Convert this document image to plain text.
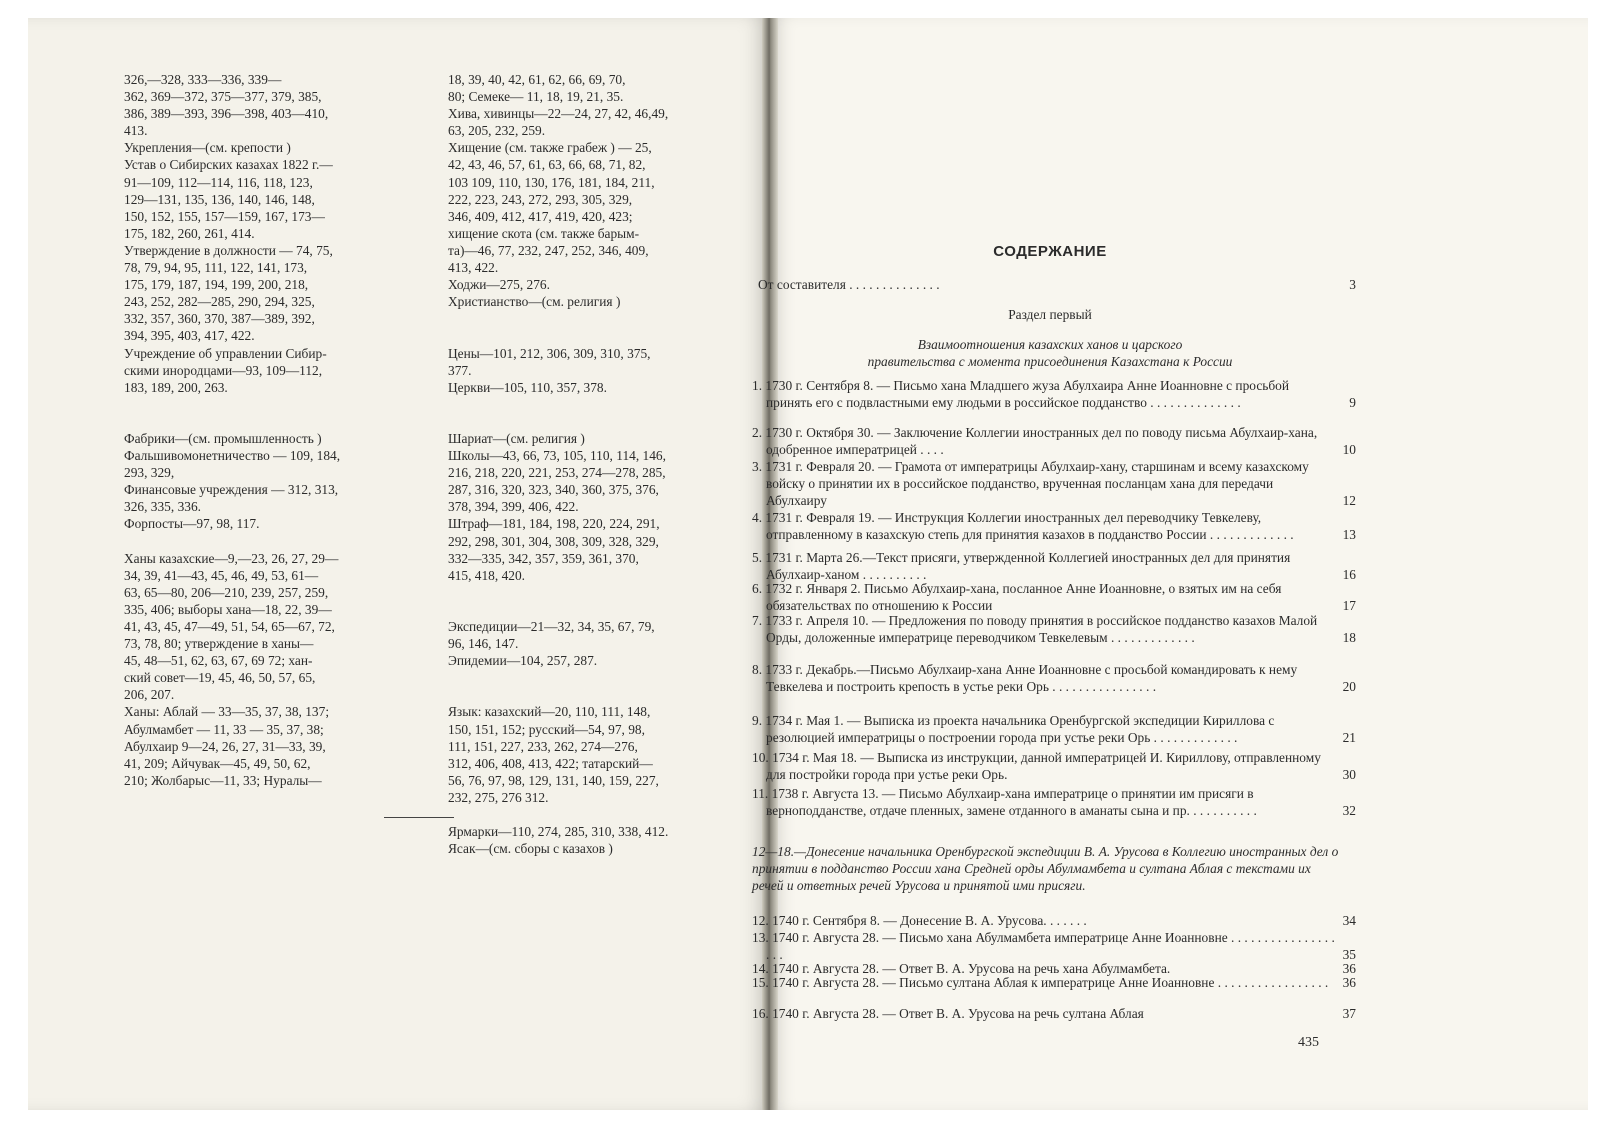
326,—328, 333—336, 339—

362, 369—372, 375—377, 379, 385,

386, 389—393, 396—398, 403—410,

413.

Укрепления—(см. крепости )

Устав о Сибирских казахах 1822 г.—

91—109, 112—114, 116, 118, 123,

129—131, 135, 136, 140, 146, 148,

150, 152, 155, 157—159, 167, 173—

175, 182, 260, 261, 414.

Утверждение в должности — 74, 75,

78, 79, 94, 95, 111, 122, 141, 173,

175, 179, 187, 194, 199, 200, 218,

243, 252, 282—285, 290, 294, 325,

332, 357, 360, 370, 387—389, 392,

394, 395, 403, 417, 422.

Учреждение об управлении Сибир-

скими инородцами—93, 109—112,

183, 189, 200, 263.

Фабрики—(см. промышленность )

Фальшивомонетничество — 109, 184,

293, 329,

Финансовые учреждения — 312, 313,

326, 335, 336.

Форпосты—97, 98, 117.

Ханы казахские—9,—23, 26, 27, 29—

34, 39, 41—43, 45, 46, 49, 53, 61—

63, 65—80, 206—210, 239, 257, 259,

335, 406; выборы хана—18, 22, 39—

41, 43, 45, 47—49, 51, 54, 65—67, 72,

73, 78, 80; утверждение в ханы—

45, 48—51, 62, 63, 67, 69 72; хан-

ский совет—19, 45, 46, 50, 57, 65,

206, 207.

Ханы: Аблай — 33—35, 37, 38, 137;

Абулмамбет — 11, 33 — 35, 37, 38;

Абулхаир 9—24, 26, 27, 31—33, 39,

41, 209; Айчувак—45, 49, 50, 62,

210; Жолбарыс—11, 33; Нуралы—

18, 39, 40, 42, 61, 62, 66, 69, 70,

80; Семеке— 11, 18, 19, 21, 35.

Хива, хивинцы—22—24, 27, 42, 46,49,

63, 205, 232, 259.

Хищение (см. также грабеж ) — 25,

42, 43, 46, 57, 61, 63, 66, 68, 71, 82,

103 109, 110, 130, 176, 181, 184, 211,

222, 223, 243, 272, 293, 305, 329,

346, 409, 412, 417, 419, 420, 423;

хищение скота (см. также барым-

та)—46, 77, 232, 247, 252, 346, 409,

413, 422.

Ходжи—275, 276.

Христианство—(см. религия )

Цены—101, 212, 306, 309, 310, 375,

377.

Церкви—105, 110, 357, 378.

Шариат—(см. религия )

Школы—43, 66, 73, 105, 110, 114, 146,

216, 218, 220, 221, 253, 274—278, 285,

287, 316, 320, 323, 340, 360, 375, 376,

378, 394, 399, 406, 422.

Штраф—181, 184, 198, 220, 224, 291,

292, 298, 301, 304, 308, 309, 328, 329,

332—335, 342, 357, 359, 361, 370,

415, 418, 420.

Экспедиции—21—32, 34, 35, 67, 79,

96, 146, 147.

Эпидемии—104, 257, 287.

Язык: казахский—20, 110, 111, 148,

150, 151, 152; русский—54, 97, 98,

111, 151, 227, 233, 262, 274—276,

312, 406, 408, 413, 422; татарский—

56, 76, 97, 98, 129, 131, 140, 159, 227,

232, 275, 276 312.

Ярмарки—110, 274, 285, 310, 338, 412.

Ясак—(см. сборы с казахов )

СОДЕРЖАНИЕ
От составителя . . . . . . . . . . . . . .	3
Раздел первый
Взаимоотношения казахских ханов и царского
правительства с момента присоединения Казахстана к России
1. 1730 г. Сентября 8. — Письмо хана Младшего жуза Абулхаира Анне Иоанновне с просьбой принять его с подвластными ему людьми в российское подданство . . . . . . . . . . . . . .	9
2. 1730 г. Октября 30. — Заключение Коллегии иностранных дел по поводу письма Абулхаир-хана, одобренное императрицей . . . .	10
3. 1731 г. Февраля 20. — Грамота от императрицы Абулхаир-хану, старшинам и всему казахскому войску о принятии их в российское подданство, врученная посланцам хана для передачи Абулхаиру	12
4. 1731 г. Февраля 19. — Инструкция Коллегии иностранных дел переводчику Тевкелеву, отправленному в казахскую степь для принятия казахов в подданство России . . . . . . . . . . . . .	13
5. 1731 г. Марта 26.—Текст присяги, утвержденной Коллегией иностранных дел для принятия Абулхаир-ханом . . . . . . . . . .	16
6. 1732 г. Января 2. Письмо Абулхаир-хана, посланное Анне Иоанновне, о взятых им на себя обязательствах по отношению к России	17
7. 1733 г. Апреля 10. — Предложения по поводу принятия в российское подданство казахов Малой Орды, доложенные императрице переводчиком Тевкелевым . . . . . . . . . . . . .	18
8. 1733 г. Декабрь.—Письмо Абулхаир-хана Анне Иоанновне с просьбой командировать к нему Тевкелева и построить крепость в устье реки Орь . . . . . . . . . . . . . . . .	20
9. 1734 г. Мая 1. — Выписка из проекта начальника Оренбургской экспедиции Кириллова с резолюцией императрицы о построении города при устье реки Орь . . . . . . . . . . . . .	21
10. 1734 г. Мая 18. — Выписка из инструкции, данной императрицей И. Кириллову, отправленному для постройки города при устье реки Орь.	30
11. 1738 г. Августа 13. — Письмо Абулхаир-хана императрице о принятии им присяги в верноподданстве, отдаче пленных, замене отданного в аманаты сына и пр. . . . . . . . . . .	32
12—18.—Донесение начальника Оренбургской экспедиции В. А. Урусова в Коллегию иностранных дел о принятии в подданство России хана Средней орды Абулмамбета и султана Аблая с текстами их речей и ответных речей Урусова и принятой ими присяги.
12. 1740 г. Сентября 8. — Донесение В. А. Урусова. . . . . . .	34
13. 1740 г. Августа 28. — Письмо хана Абулмамбета императрице Анне Иоанновне . . . . . . . . . . . . . . . . . . .	35
14. 1740 г. Августа 28. — Ответ В. А. Урусова на речь хана Абулмамбета.	36
15. 1740 г. Августа 28. — Письмо султана Аблая к императрице Анне Иоанновне . . . . . . . . . . . . . . . . .	36
16. 1740 г. Августа 28. — Ответ В. А. Урусова на речь султана Аблая	37
435
